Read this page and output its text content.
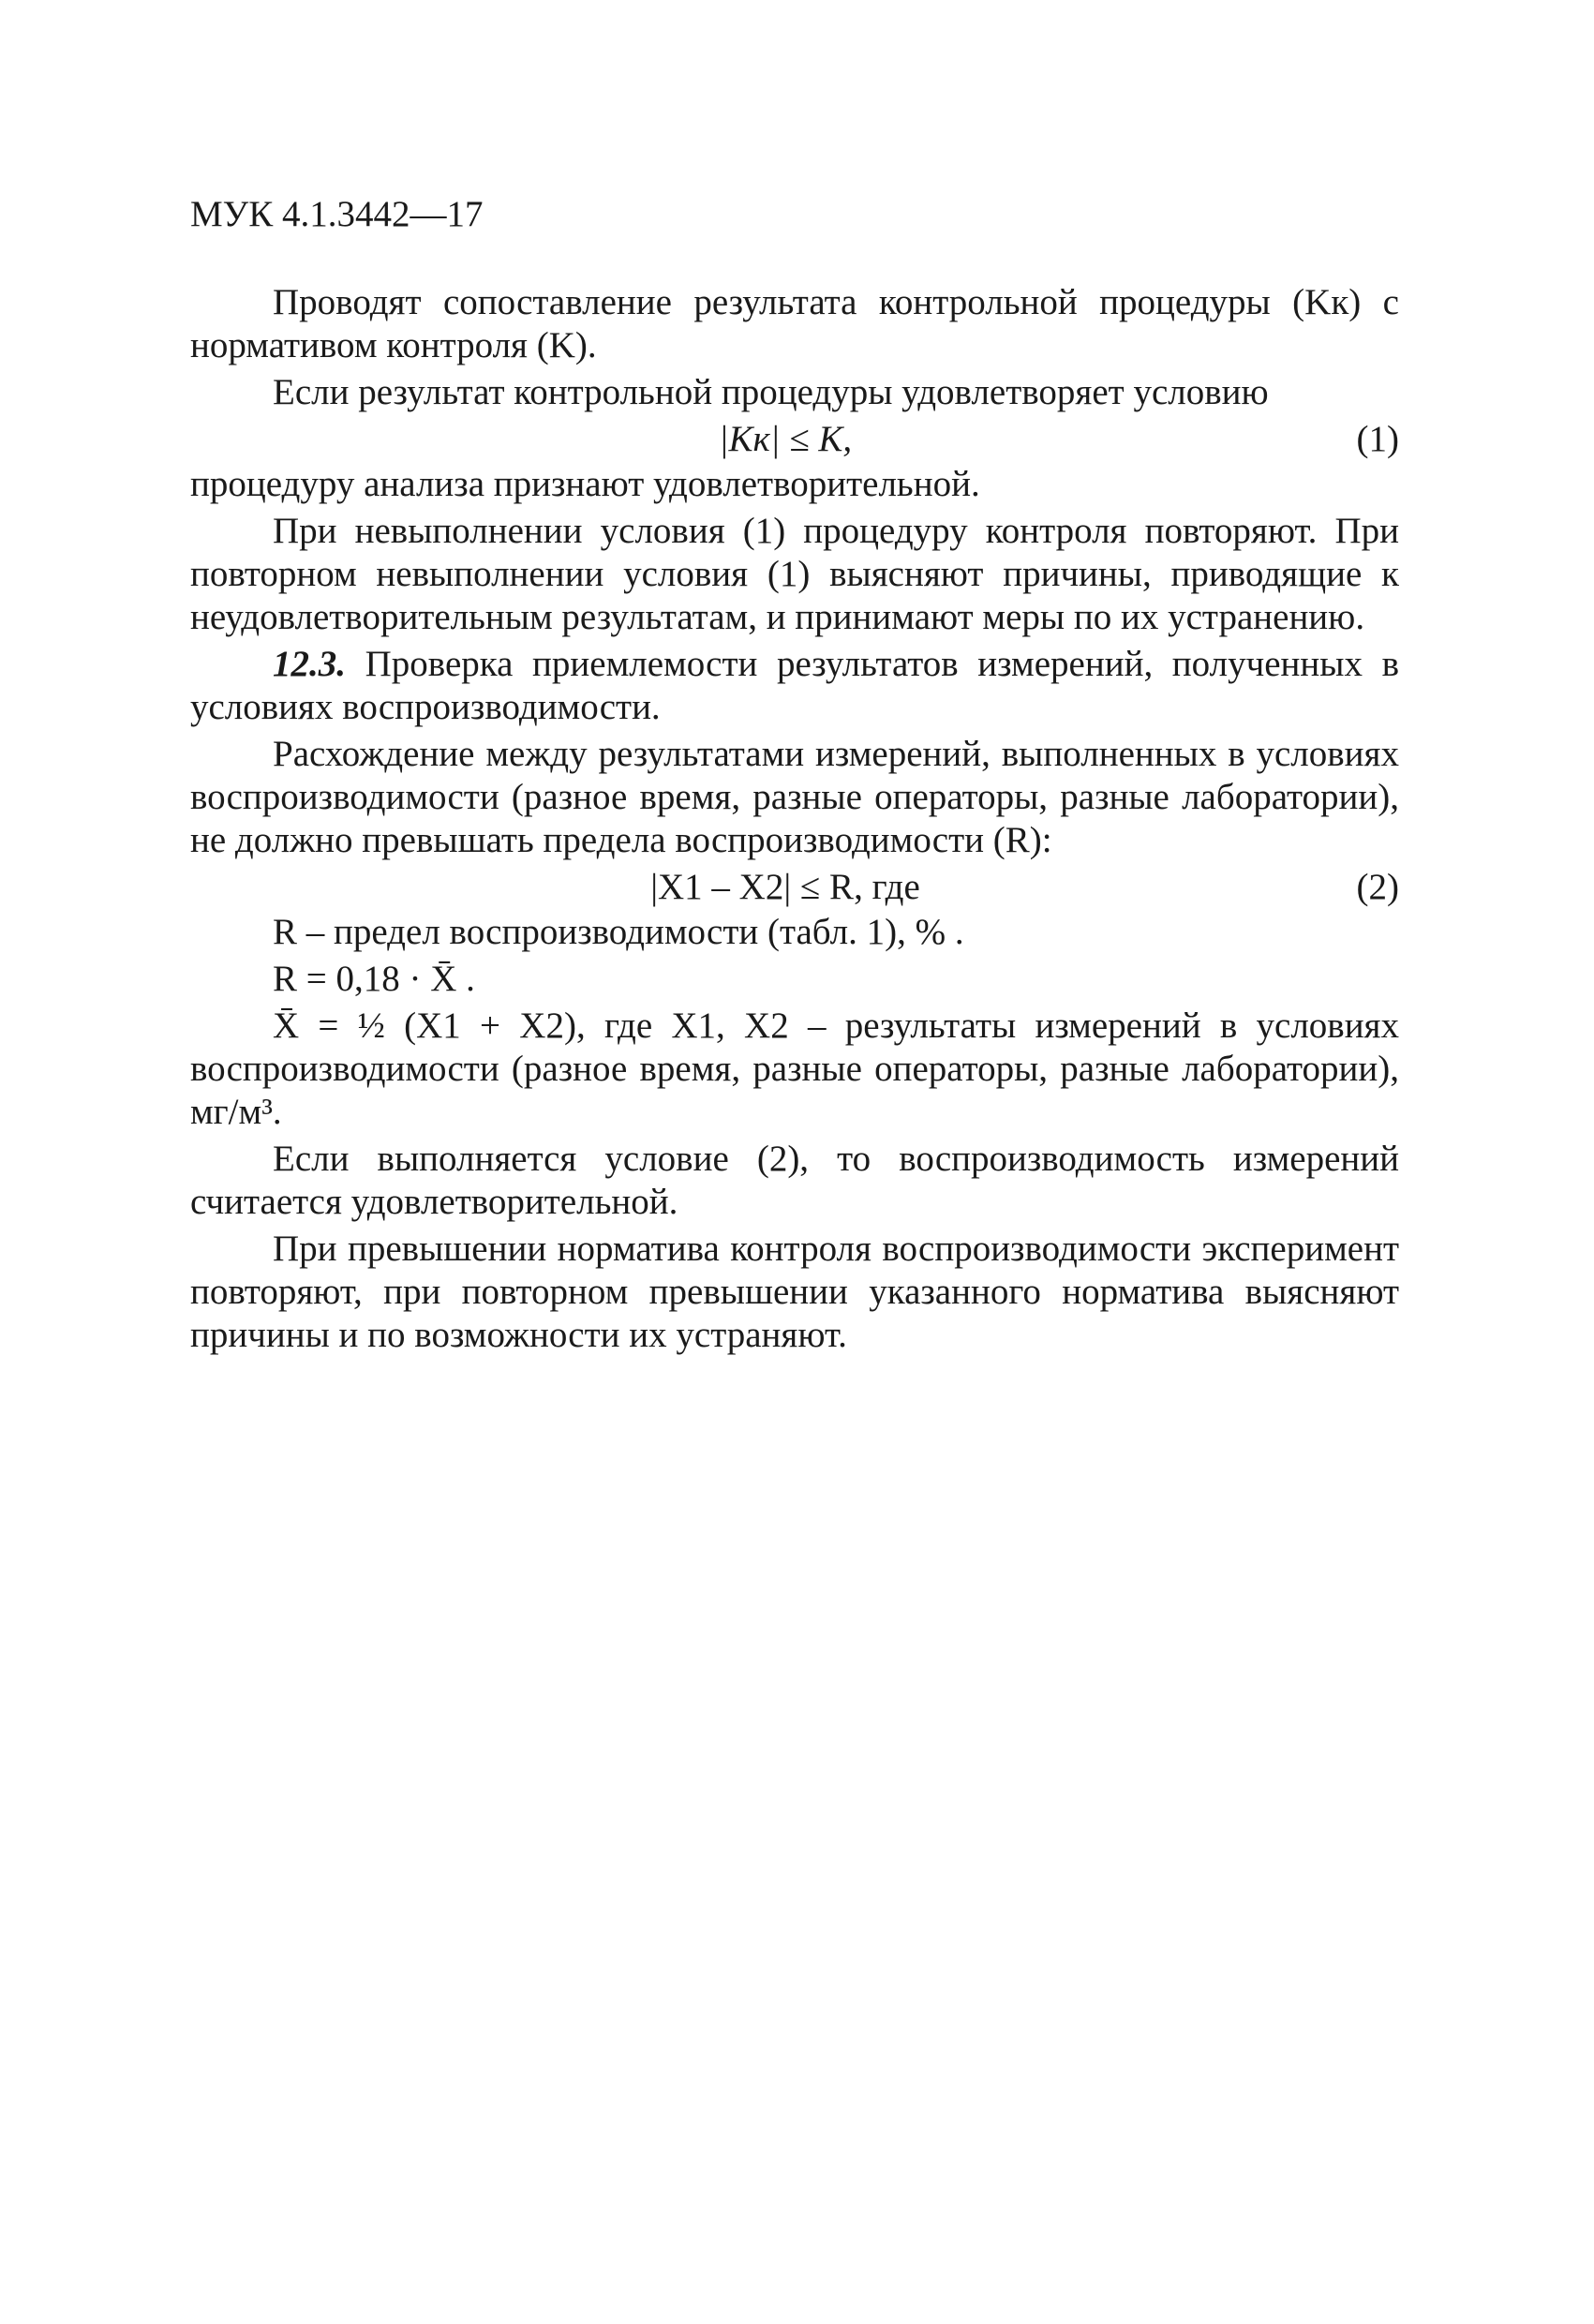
МУК 4.1.3442—17

Проводят сопоставление результата контрольной процедуры (Kк) с нормативом контроля (K).

Если результат контрольной процедуры удовлетворяет условию

|Kк| ≤ K,	(1)

процедуру анализа признают удовлетворительной.

При невыполнении условия (1) процедуру контроля повторяют. При повторном невыполнении условия (1) выясняют причины, приводящие к неудовлетворительным результатам, и принимают меры по их устранению.

12.3. Проверка приемлемости результатов измерений, полученных в условиях воспроизводимости.

Расхождение между результатами измерений, выполненных в условиях воспроизводимости (разное время, разные операторы, разные лаборатории), не должно превышать предела воспроизводимости (R):

|X1 – X2| ≤ R, где	(2)
R – предел воспроизводимости (табл. 1), % .
R = 0,18 · X̄ .

X̄ = ½ (X1 + X2), где X1, X2 – результаты измерений в условиях воспроизводимости (разное время, разные операторы, разные лаборатории), мг/м³.

Если выполняется условие (2), то воспроизводимость измерений считается удовлетворительной.

При превышении норматива контроля воспроизводимости эксперимент повторяют, при повторном превышении указанного норматива выясняют причины и по возможности их устраняют.
